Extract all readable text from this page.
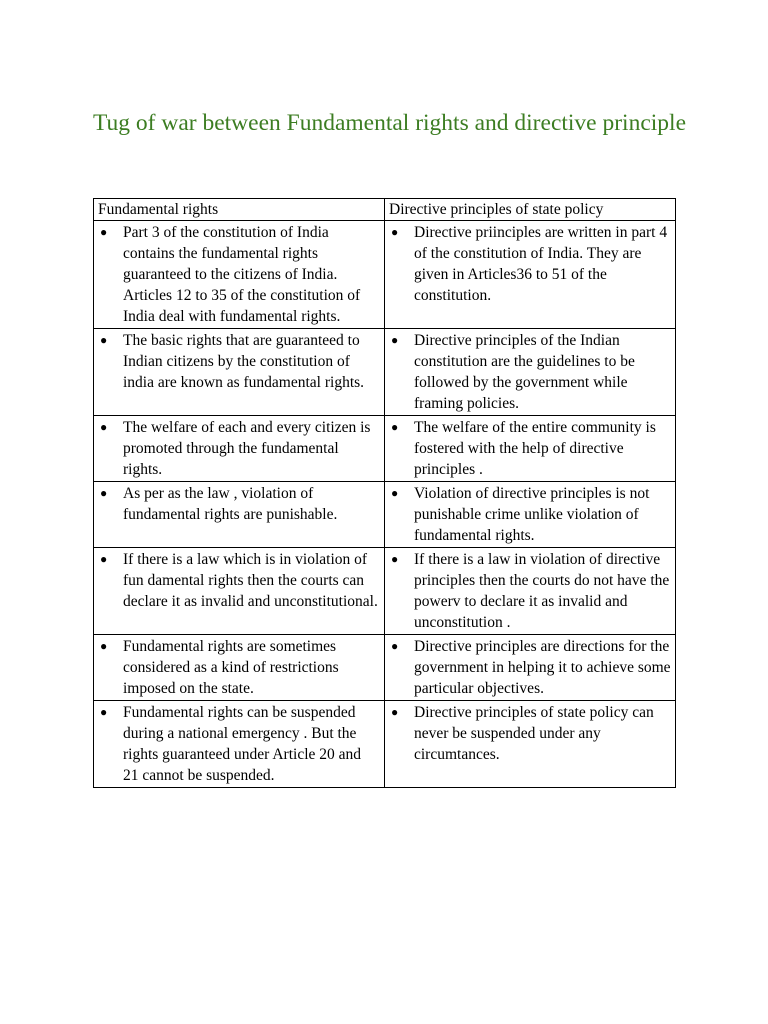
Tug of war between Fundamental rights and directive principle
Fundamental rights	Directive principles of state policy

● Part 3 of the constitution of India contains the fundamental rights guaranteed to the citizens of India. Articles 12 to 35 of the constitution of India deal with fundamental rights.	● Directive priinciples are written in part 4 of the constitution of India. They are given in Articles36 to 51 of the constitution.

● The basic rights that are guaranteed to Indian citizens by the constitution of india are known as fundamental rights.	● Directive principles of the Indian constitution are the guidelines to be followed by the government while framing policies.

● The welfare of each and every citizen is promoted through the fundamental rights.	● The welfare of the entire community is fostered with the help of directive principles .

● As per as the law , violation of fundamental rights are punishable.	● Violation of directive principles is not punishable crime unlike violation of fundamental rights.

● If there is a law which is in violation of fun damental rights then the courts can declare it as invalid and unconstitutional.	● If there is a law in violation of directive principles then the courts do not have the powerv to declare it as invalid and unconstitution .

● Fundamental rights are sometimes considered as a kind of restrictions imposed on the state.	● Directive principles are directions for the government in helping it to achieve some particular objectives.

● Fundamental rights can be suspended during a national emergency . But the rights guaranteed under Article 20 and 21 cannot be suspended.	● Directive principles of state policy can never be suspended under any circumtances.
